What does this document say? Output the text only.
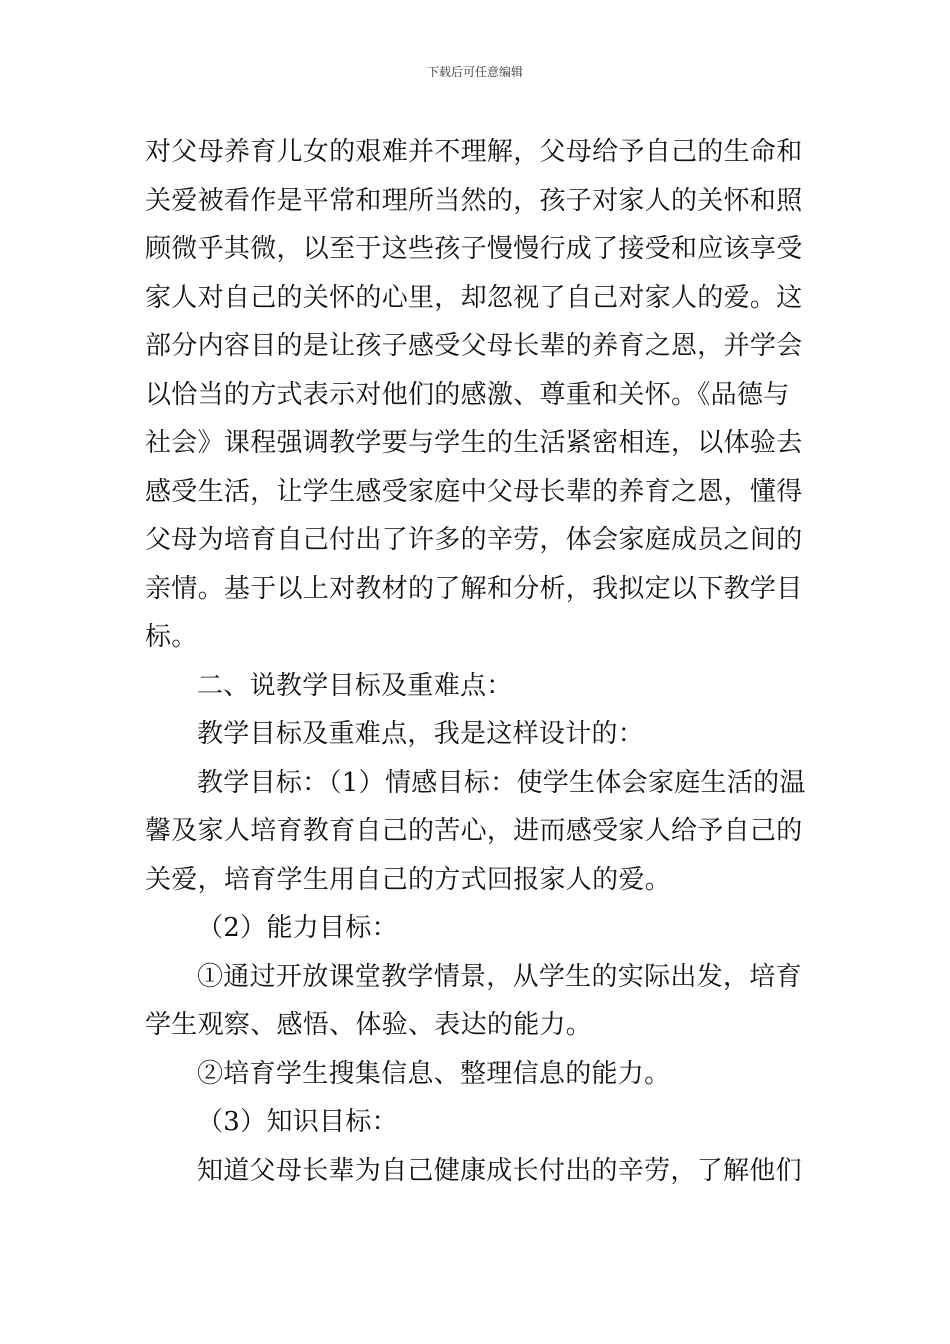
下载后可任意编辑
对父母养育儿女的艰难并不理解，父母给予自己的生命和
关爱被看作是平常和理所当然的，孩子对家人的关怀和照
顾微乎其微，以至于这些孩子慢慢行成了接受和应该享受
家人对自己的关怀的心里，却忽视了自己对家人的爱。这
部分内容目的是让孩子感受父母长辈的养育之恩，并学会
以恰当的方式表示对他们的感激、尊重和关怀。《品德与
社会》课程强调教学要与学生的生活紧密相连，以体验去
感受生活，让学生感受家庭中父母长辈的养育之恩，懂得
父母为培育自己付出了许多的辛劳，体会家庭成员之间的
亲情。基于以上对教材的了解和分析，我拟定以下教学目
标。
二、说教学目标及重难点：
教学目标及重难点，我是这样设计的：
教学目标：（1）情感目标：使学生体会家庭生活的温
馨及家人培育教育自己的苦心，进而感受家人给予自己的
关爱，培育学生用自己的方式回报家人的爱。
（2）能力目标：
①通过开放课堂教学情景，从学生的实际出发，培育
学生观察、感悟、体验、表达的能力。
②培育学生搜集信息、整理信息的能力。
（3）知识目标：
知道父母长辈为自己健康成长付出的辛劳，了解他们
